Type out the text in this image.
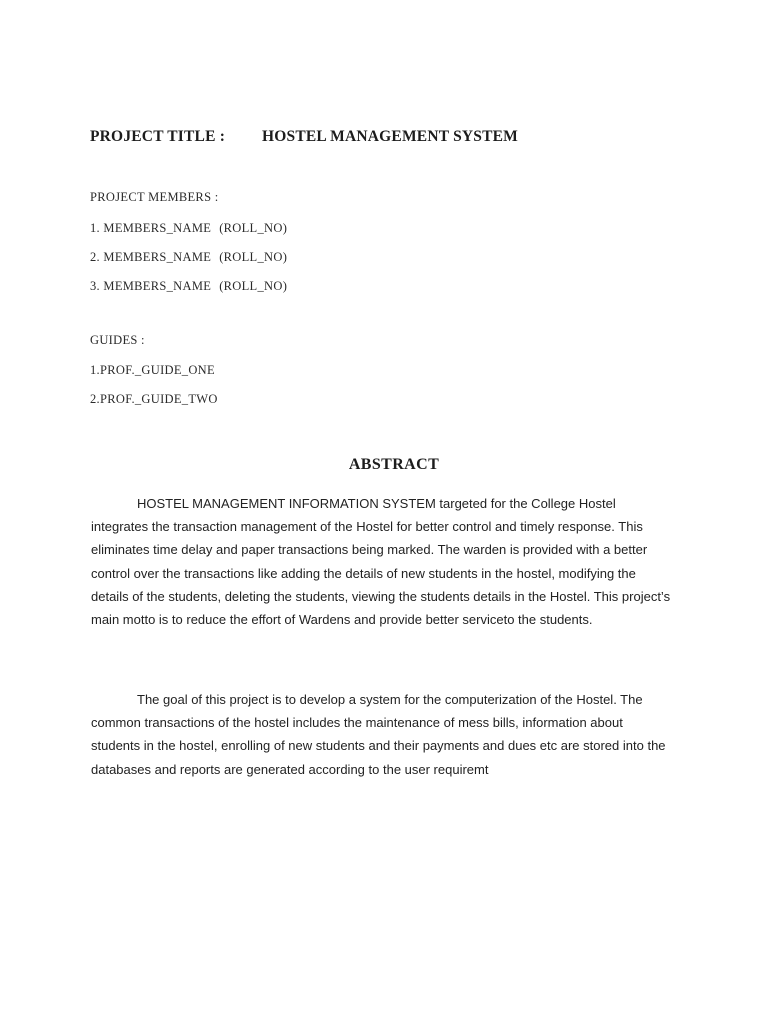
PROJECT TITLE : HOSTEL MANAGEMENT SYSTEM
PROJECT MEMBERS :
1. MEMBERS_NAME (ROLL_NO)
2. MEMBERS_NAME (ROLL_NO)
3. MEMBERS_NAME (ROLL_NO)
GUIDES :
1.PROF._GUIDE_ONE
2.PROF._GUIDE_TWO
ABSTRACT

HOSTEL MANAGEMENT INFORMATION SYSTEM targeted for the College Hostel integrates the transaction management of the Hostel for better control and timely response. This eliminates time delay and paper transactions being marked. The warden is provided with a better control over the transactions like adding the details of new students in the hostel, modifying the details of the students, deleting the students, viewing the students details in the Hostel. This project’s main motto is to reduce the effort of Wardens and provide better serviceto the students.

The goal of this project is to develop a system for the computerization of the Hostel. The common transactions of the hostel includes the maintenance of mess bills, information about students in the hostel, enrolling of new students and their payments and dues etc are stored into the databases and reports are generated according to the user requiremt
